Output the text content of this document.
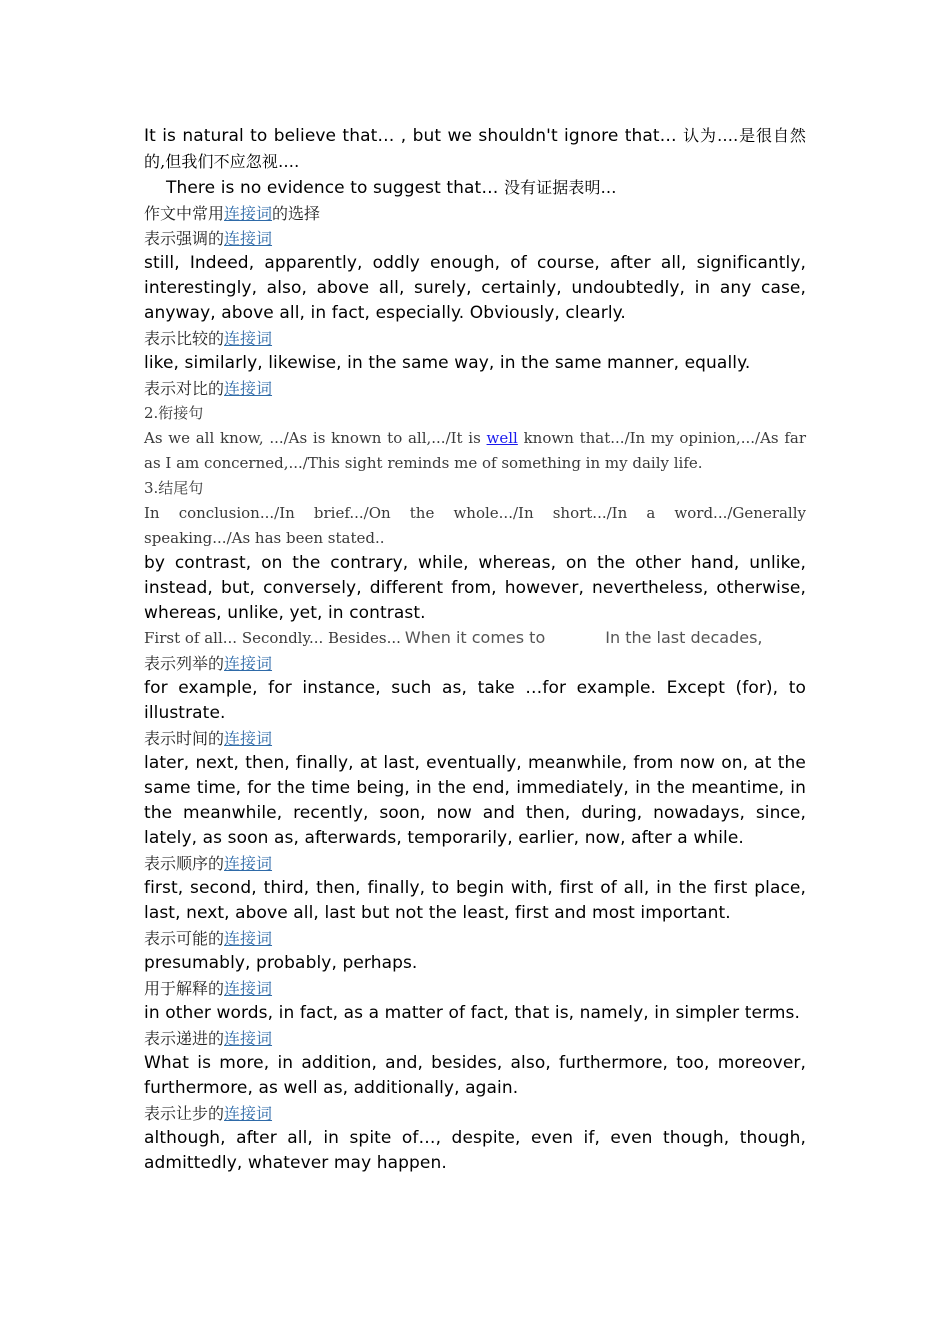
It is natural to believe that… , but we shouldn't ignore that… 认为….是很自然的,但我们不应忽视….
There is no evidence to suggest that… 没有证据表明…
作文中常用连接词的选择
表示强调的连接词
still, Indeed, apparently, oddly enough, of course, after all, significantly, interestingly, also, above all, surely, certainly, undoubtedly, in any case, anyway, above all, in fact, especially. Obviously, clearly.
表示比较的连接词
like, similarly, likewise, in the same way, in the same manner, equally.
表示对比的连接词
2.衔接句
As we all know, .../As is known to all,.../It is well known that.../In my opinion,.../As far as I am concerned,.../This sight reminds me of something in my daily life.
3.结尾句
In conclusion.../In brief.../On the whole.../In short.../In a word.../Generally speaking.../As has been stated..
by contrast, on the contrary, while, whereas, on the other hand, unlike, instead, but, conversely, different from, however, nevertheless, otherwise, whereas, unlike, yet, in contrast.
First of all... Secondly... Besides... When it comes to	In the last decades,
表示列举的连接词
for example, for instance, such as, take …for example. Except (for), to illustrate.
表示时间的连接词
later, next, then, finally, at last, eventually, meanwhile, from now on, at the same time, for the time being, in the end, immediately, in the meantime, in the meanwhile, recently, soon, now and then, during, nowadays, since, lately, as soon as, afterwards, temporarily, earlier, now, after a while.
表示顺序的连接词
first, second, third, then, finally, to begin with, first of all, in the first place, last, next, above all, last but not the least, first and most important.
表示可能的连接词
presumably, probably, perhaps.
用于解释的连接词
in other words, in fact, as a matter of fact, that is, namely, in simpler terms.
表示递进的连接词
What is more, in addition, and, besides, also, furthermore, too, moreover, furthermore, as well as, additionally, again.
表示让步的连接词
although, after all, in spite of…, despite, even if, even though, though, admittedly, whatever may happen.
